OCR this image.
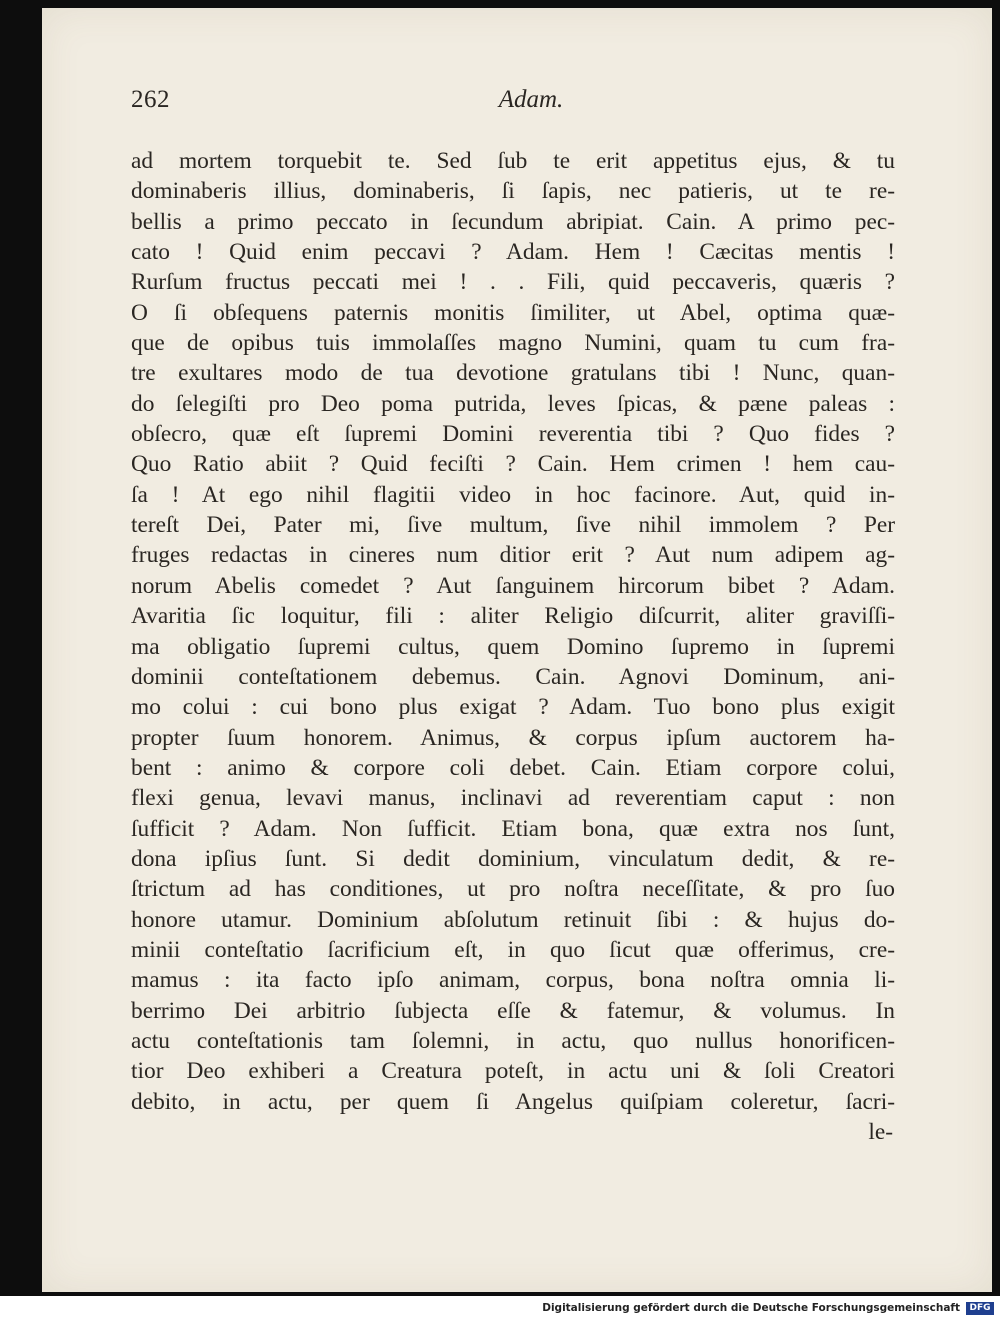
262	Adam.
ad mortem torquebit te. Sed ſub te erit appetitus ejus, & tu
dominaberis illius, dominaberis, ſi ſapis, nec patieris, ut te re-
bellis a primo peccato in ſecundum abripiat. Cain. A primo pec-
cato ! Quid enim peccavi ? Adam. Hem ! Cæcitas mentis !
Rurſum fructus peccati mei ! . . Fili, quid peccaveris, quæris ?
O ſi obſequens paternis monitis ſimiliter, ut Abel, optima quæ-
que de opibus tuis immolaſſes magno Numini, quam tu cum fra-
tre exultares modo de tua devotione gratulans tibi ! Nunc, quan-
do ſelegiſti pro Deo poma putrida, leves ſpicas, & pæne paleas :
obſecro, quæ eſt ſupremi Domini reverentia tibi ? Quo fides ?
Quo Ratio abiit ? Quid feciſti ? Cain. Hem crimen ! hem cau-
ſa ! At ego nihil flagitii video in hoc facinore. Aut, quid in-
tereſt Dei, Pater mi, ſive multum, ſive nihil immolem ? Per
fruges redactas in cineres num ditior erit ? Aut num adipem ag-
norum Abelis comedet ? Aut ſanguinem hircorum bibet ? Adam.
Avaritia ſic loquitur, fili : aliter Religio diſcurrit, aliter graviſſi-
ma obligatio ſupremi cultus, quem Domino ſupremo in ſupremi
dominii conteſtationem debemus. Cain. Agnovi Dominum, ani-
mo colui : cui bono plus exigat ? Adam. Tuo bono plus exigit
propter ſuum honorem. Animus, & corpus ipſum auctorem ha-
bent : animo & corpore coli debet. Cain. Etiam corpore colui,
flexi genua, levavi manus, inclinavi ad reverentiam caput : non
ſufficit ? Adam. Non ſufficit. Etiam bona, quæ extra nos ſunt,
dona ipſius ſunt. Si dedit dominium, vinculatum dedit, & re-
ſtrictum ad has conditiones, ut pro noſtra neceſſitate, & pro ſuo
honore utamur. Dominium abſolutum retinuit ſibi : & hujus do-
minii conteſtatio ſacrificium eſt, in quo ſicut quæ offerimus, cre-
mamus : ita facto ipſo animam, corpus, bona noſtra omnia li-
berrimo Dei arbitrio ſubjecta eſſe & fatemur, & volumus. In
actu conteſtationis tam ſolemni, in actu, quo nullus honorificen-
tior Deo exhiberi a Creatura poteſt, in actu uni & ſoli Creatori
debito, in actu, per quem ſi Angelus quiſpiam coleretur, ſacri-
le-
Digitalisierung gefördert durch die Deutsche Forschungsgemeinschaft	DFG
